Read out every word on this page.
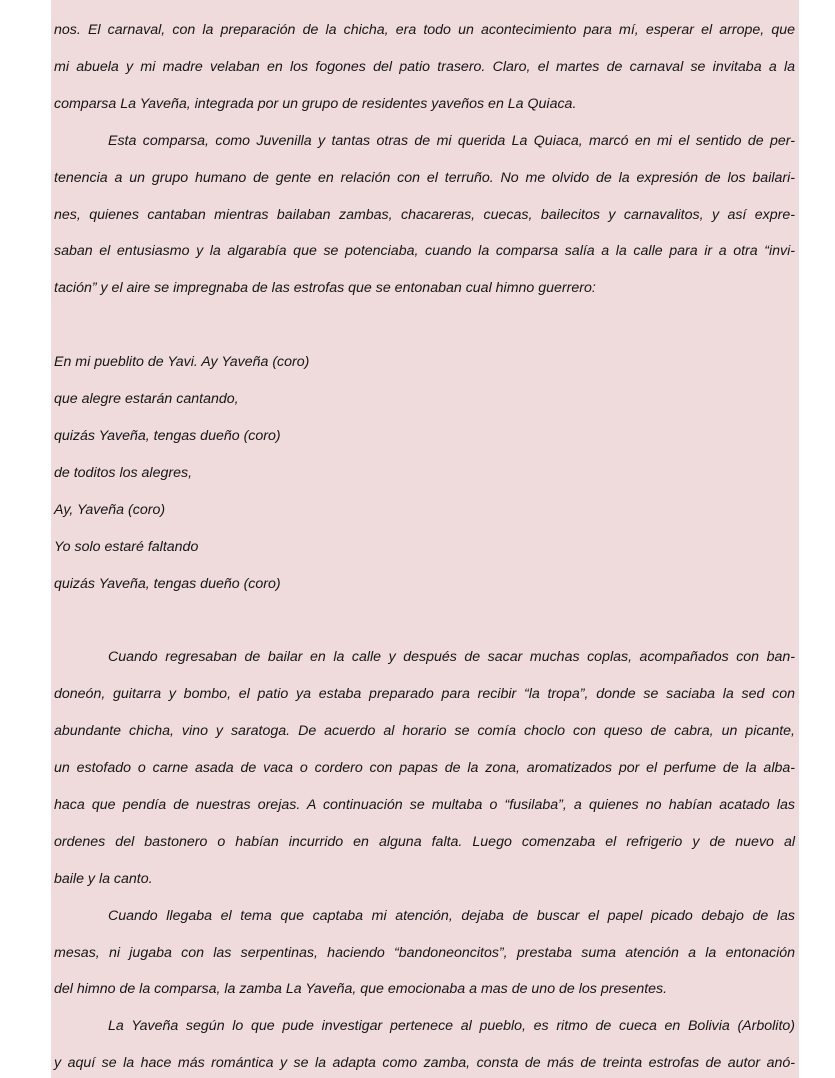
nos. El carnaval, con la preparación de la chicha, era todo un acontecimiento para mí, esperar el arrope, que
mi abuela y mi madre velaban en los fogones del patio trasero. Claro, el martes de carnaval se invitaba a la
comparsa La Yaveña, integrada por un grupo de residentes yaveños en La Quiaca.
Esta comparsa, como Juvenilla y tantas otras de mi querida La Quiaca, marcó en mi el sentido de per-
tenencia a un grupo humano de gente en relación con el terruño. No me olvido de la expresión de los bailari-
nes, quienes cantaban mientras bailaban zambas, chacareras, cuecas, bailecitos y carnavalitos, y así expre-
saban el entusiasmo y la algarabía que se potenciaba, cuando la comparsa salía a la calle para ir a otra “invi-
tación” y el aire se impregnaba de las estrofas que se entonaban cual himno guerrero:
En mi pueblito de Yavi. Ay Yaveña (coro)
que alegre estarán cantando,
quizás Yaveña, tengas dueño (coro)
de toditos los alegres,
Ay, Yaveña (coro)
Yo solo estaré faltando
quizás Yaveña, tengas dueño (coro)
Cuando regresaban de bailar en la calle y después de sacar muchas coplas, acompañados con ban-
doneón, guitarra y bombo, el patio ya estaba preparado para recibir “la tropa”, donde se saciaba la sed con
abundante chicha, vino y saratoga. De acuerdo al horario se comía choclo con queso de cabra, un picante,
un estofado o carne asada de vaca o cordero con papas de la zona, aromatizados por el perfume de la alba-
haca que pendía de nuestras orejas. A continuación se multaba o “fusilaba”, a quienes no habían acatado las
ordenes del bastonero o habían incurrido en alguna falta. Luego comenzaba el refrigerio y de nuevo al
baile y la canto.
Cuando llegaba el tema que captaba mi atención, dejaba de buscar el papel picado debajo de las
mesas, ni jugaba con las serpentinas, haciendo “bandoneoncitos”, prestaba suma atención a la entonación
del himno de la comparsa, la zamba La Yaveña, que emocionaba a mas de uno de los presentes.
La Yaveña según lo que pude investigar pertenece al pueblo, es ritmo de cueca en Bolivia (Arbolito)
y aquí se la hace más romántica y se la adapta como zamba, consta de más de treinta estrofas de autor anó-
